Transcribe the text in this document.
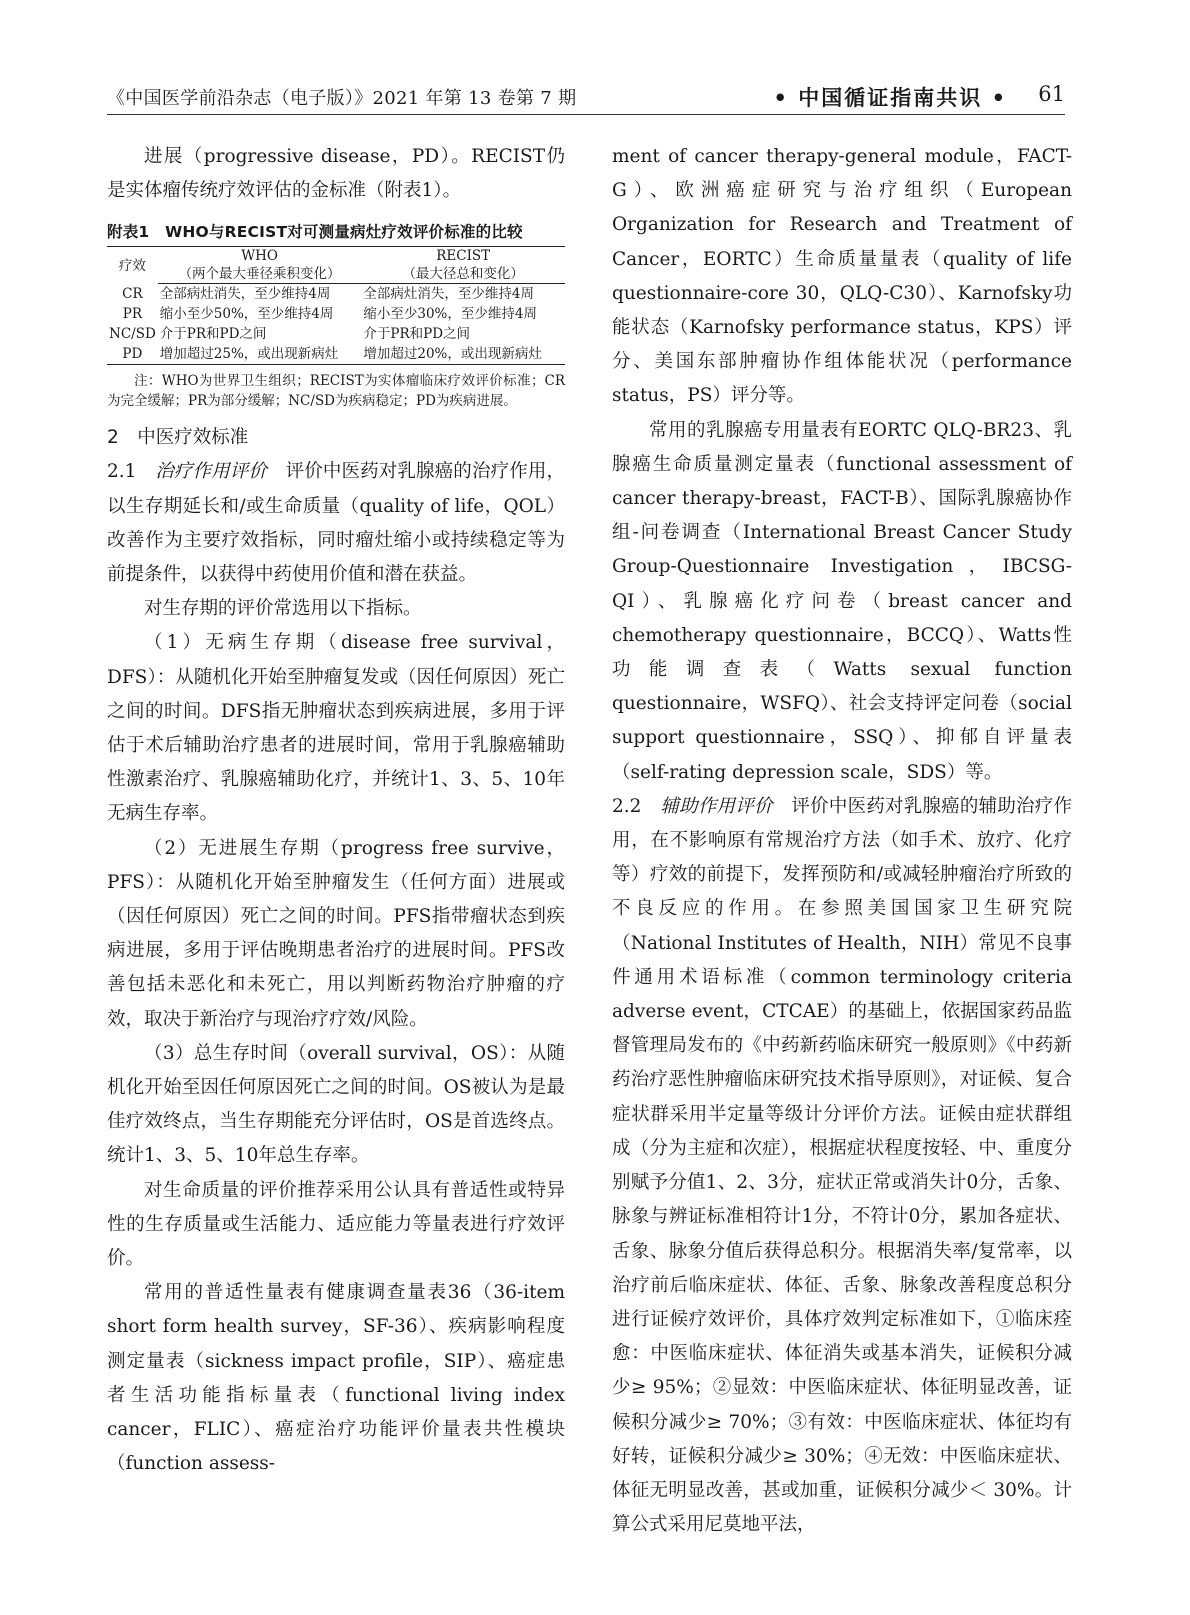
《中国医学前沿杂志（电子版）》2021 年第 13 卷第 7 期	• 中国循证指南共识 • 61

进展（progressive disease，PD）。RECIST仍是实体瘤传统疗效评估的金标准（附表1）。

附表1　WHO与RECIST对可测量病灶疗效评价标准的比较
疗效	WHO	RECIST
	（两个最大垂径乘积变化）	（最大径总和变化）
CR	全部病灶消失，至少维持4周	全部病灶消失，至少维持4周
PR	缩小至少50%，至少维持4周	缩小至少30%，至少维持4周
NC/SD	介于PR和PD之间	介于PR和PD之间
PD	增加超过25%，或出现新病灶	增加超过20%，或出现新病灶

注：WHO为世界卫生组织；RECIST为实体瘤临床疗效评价标准；CR为完全缓解；PR为部分缓解；NC/SD为疾病稳定；PD为疾病进展。

2　中医疗效标准

2.1　治疗作用评价　评价中医药对乳腺癌的治疗作用，以生存期延长和/或生命质量（quality of life，QOL）改善作为主要疗效指标，同时瘤灶缩小或持续稳定等为前提条件，以获得中药使用价值和潜在获益。

对生存期的评价常选用以下指标。

（1）无病生存期（disease free survival，DFS）：从随机化开始至肿瘤复发或（因任何原因）死亡之间的时间。DFS指无肿瘤状态到疾病进展，多用于评估于术后辅助治疗患者的进展时间，常用于乳腺癌辅助性激素治疗、乳腺癌辅助化疗，并统计1、3、5、10年无病生存率。

（2）无进展生存期（progress free survive，PFS）：从随机化开始至肿瘤发生（任何方面）进展或（因任何原因）死亡之间的时间。PFS指带瘤状态到疾病进展，多用于评估晚期患者治疗的进展时间。PFS改善包括未恶化和未死亡，用以判断药物治疗肿瘤的疗效，取决于新治疗与现治疗疗效/风险。

（3）总生存时间（overall survival，OS）：从随机化开始至因任何原因死亡之间的时间。OS被认为是最佳疗效终点，当生存期能充分评估时，OS是首选终点。统计1、3、5、10年总生存率。

对生命质量的评价推荐采用公认具有普适性或特异性的生存质量或生活能力、适应能力等量表进行疗效评价。

常用的普适性量表有健康调查量表36（36-item short form health survey，SF-36）、疾病影响程度测定量表（sickness impact profile，SIP）、癌症患者生活功能指标量表（functional living index cancer，FLIC）、癌症治疗功能评价量表共性模块（function assess-

ment of cancer therapy-general module，FACT-G）、欧洲癌症研究与治疗组织（European Organization for Research and Treatment of Cancer，EORTC）生命质量量表（quality of life questionnaire-core 30，QLQ-C30）、Karnofsky功能状态（Karnofsky performance status，KPS）评分、美国东部肿瘤协作组体能状况（performance status，PS）评分等。

常用的乳腺癌专用量表有EORTC QLQ-BR23、乳腺癌生命质量测定量表（functional assessment of cancer therapy-breast，FACT-B）、国际乳腺癌协作组-问卷调查（International Breast Cancer Study Group-Questionnaire Investigation，IBCSG-QI）、乳腺癌化疗问卷（breast cancer and chemotherapy questionnaire，BCCQ）、Watts性功能调查表（Watts sexual function questionnaire，WSFQ）、社会支持评定问卷（social support questionnaire，SSQ）、抑郁自评量表（self-rating depression scale，SDS）等。

2.2　辅助作用评价　评价中医药对乳腺癌的辅助治疗作用，在不影响原有常规治疗方法（如手术、放疗、化疗等）疗效的前提下，发挥预防和/或减轻肿瘤治疗所致的不良反应的作用。在参照美国国家卫生研究院（National Institutes of Health，NIH）常见不良事件通用术语标准（common terminology criteria adverse event，CTCAE）的基础上，依据国家药品监督管理局发布的《中药新药临床研究一般原则》《中药新药治疗恶性肿瘤临床研究技术指导原则》，对证候、复合症状群采用半定量等级计分评价方法。证候由症状群组成（分为主症和次症），根据症状程度按轻、中、重度分别赋予分值1、2、3分，症状正常或消失计0分，舌象、脉象与辨证标准相符计1分，不符计0分，累加各症状、舌象、脉象分值后获得总积分。根据消失率/复常率，以治疗前后临床症状、体征、舌象、脉象改善程度总积分进行证候疗效评价，具体疗效判定标准如下，①临床痊愈：中医临床症状、体征消失或基本消失，证候积分减少≥ 95%；②显效：中医临床症状、体征明显改善，证候积分减少≥ 70%；③有效：中医临床症状、体征均有好转，证候积分减少≥ 30%；④无效：中医临床症状、体征无明显改善，甚或加重，证候积分减少＜ 30%。计算公式采用尼莫地平法，
